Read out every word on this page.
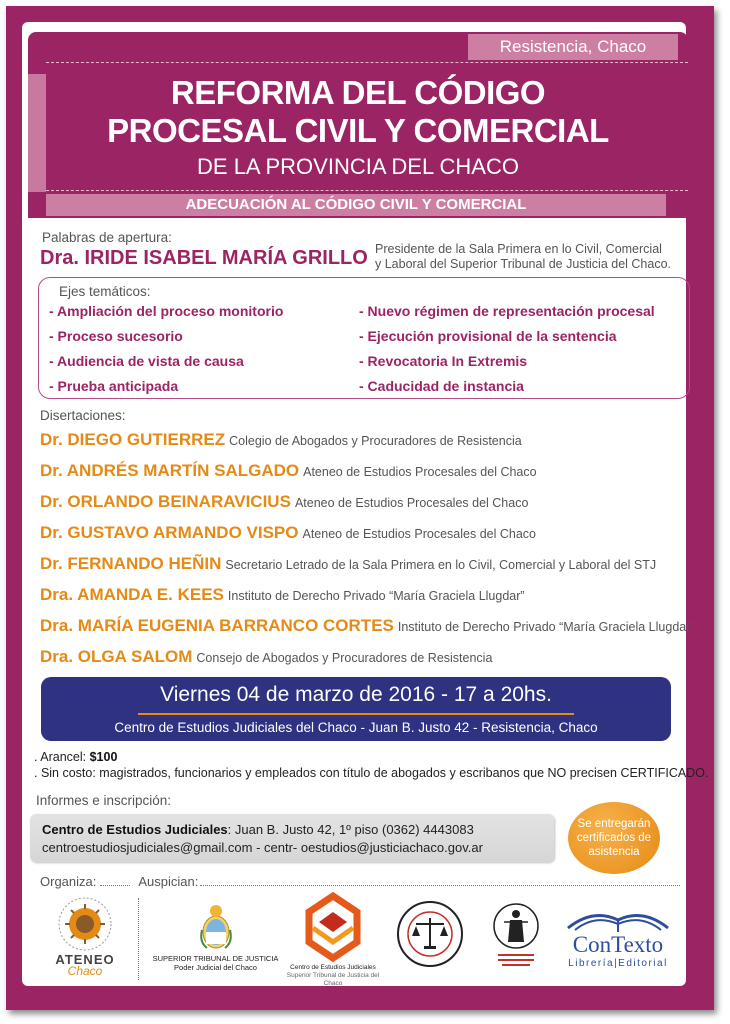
Resistencia, Chaco
REFORMA DEL CÓDIGO
PROCESAL CIVIL Y COMERCIAL
DE LA PROVINCIA DEL CHACO
ADECUACIÓN AL CÓDIGO CIVIL Y COMERCIAL
Palabras de apertura:
Dra. IRIDE ISABEL MARÍA GRILLO Presidente de la Sala Primera en lo Civil, Comercial
y Laboral del Superior Tribunal de Justicia del Chaco.
Ejes temáticos:
- Ampliación del proceso monitorio
- Proceso sucesorio
- Audiencia de vista de causa
- Prueba anticipada
- Nuevo régimen de representación procesal
- Ejecución provisional de la sentencia
- Revocatoria In Extremis
- Caducidad de instancia
Disertaciones:
Dr. DIEGO GUTIERREZ Colegio de Abogados y Procuradores de Resistencia
Dr. ANDRÉS MARTÍN SALGADO Ateneo de Estudios Procesales del Chaco
Dr. ORLANDO BEINARAVICIUS Ateneo de Estudios Procesales del Chaco
Dr. GUSTAVO ARMANDO VISPO Ateneo de Estudios Procesales del Chaco
Dr. FERNANDO HEÑIN Secretario Letrado de la Sala Primera en lo Civil, Comercial y Laboral del STJ
Dra. AMANDA E. KEES Instituto de Derecho Privado “María Graciela Llugdar”
Dra. MARÍA EUGENIA BARRANCO CORTES Instituto de Derecho Privado “María Graciela Llugdar”
Dra. OLGA SALOM Consejo de Abogados y Procuradores de Resistencia
Viernes 04 de marzo de 2016 - 17 a 20hs.
Centro de Estudios Judiciales del Chaco - Juan B. Justo 42 - Resistencia, Chaco
. Arancel: $100
. Sin costo: magistrados, funcionarios y empleados con título de abogados y escribanos que NO precisen CERTIFICADO.
Informes e inscripción:
Centro de Estudios Judiciales: Juan B. Justo 42, 1º piso (0362) 4443083
centroestudiosjudiciales@gmail.com - centr- oestudios@justiciachaco.gov.ar
Se entregarán
certificados de
asistencia
Organiza:	Auspician:
ATENEO
Chaco
SUPERIOR TRIBUNAL DE JUSTICIA
Poder Judicial del Chaco	Centro de Estudios Judiciales
Superior Tribunal de Justicia del Chaco
ConTexto
Librería|Editorial
